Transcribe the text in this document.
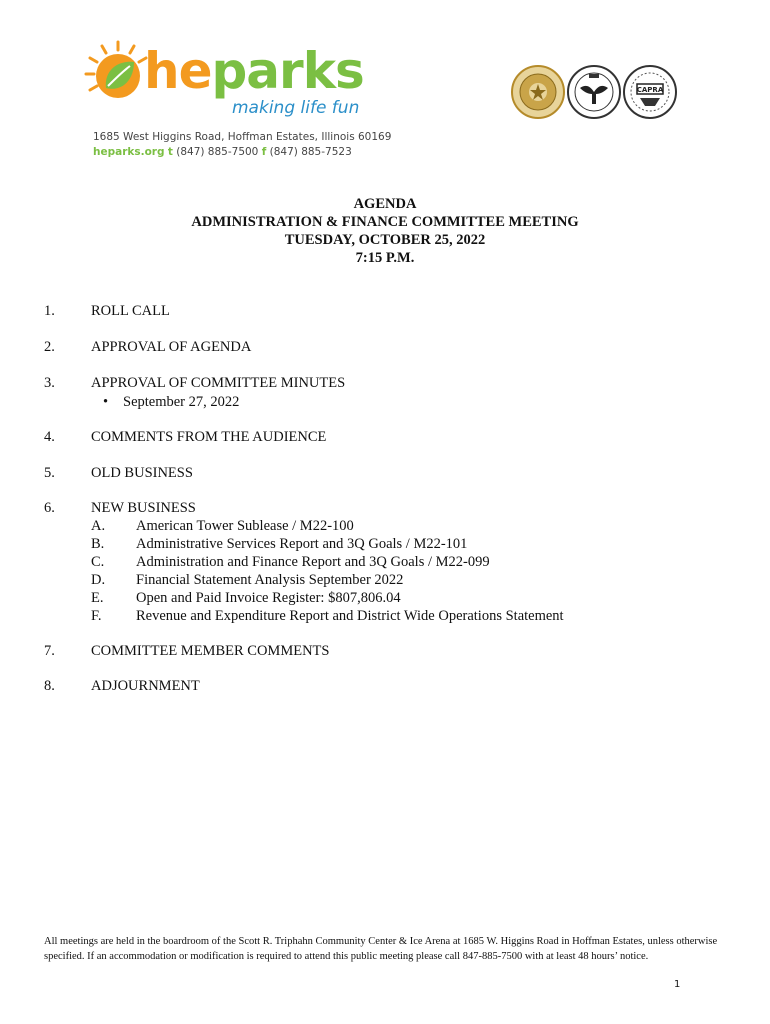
heparks
making life fun
1685 West Higgins Road, Hoffman Estates, Illinois 60169
heparks.org t (847) 885-7500 f (847) 885-7523
CAPRA
AGENDA
ADMINISTRATION & FINANCE COMMITTEE MEETING
TUESDAY, OCTOBER 25, 2022
7:15 P.M.
1. ROLL CALL
2. APPROVAL OF AGENDA
3. APPROVAL OF COMMITTEE MINUTES
• September 27, 2022
4. COMMENTS FROM THE AUDIENCE
5. OLD BUSINESS
6. NEW BUSINESS
A. American Tower Sublease / M22-100
B. Administrative Services Report and 3Q Goals / M22-101
C. Administration and Finance Report and 3Q Goals / M22-099
D. Financial Statement Analysis September 2022
E. Open and Paid Invoice Register: $807,806.04
F. Revenue and Expenditure Report and District Wide Operations Statement
7. COMMITTEE MEMBER COMMENTS
8. ADJOURNMENT
All meetings are held in the boardroom of the Scott R. Triphahn Community Center & Ice Arena at 1685 W. Higgins Road in Hoffman Estates, unless otherwise specified. If an accommodation or modification is required to attend this public meeting please call 847-885-7500 with at least 48 hours’ notice.
1
